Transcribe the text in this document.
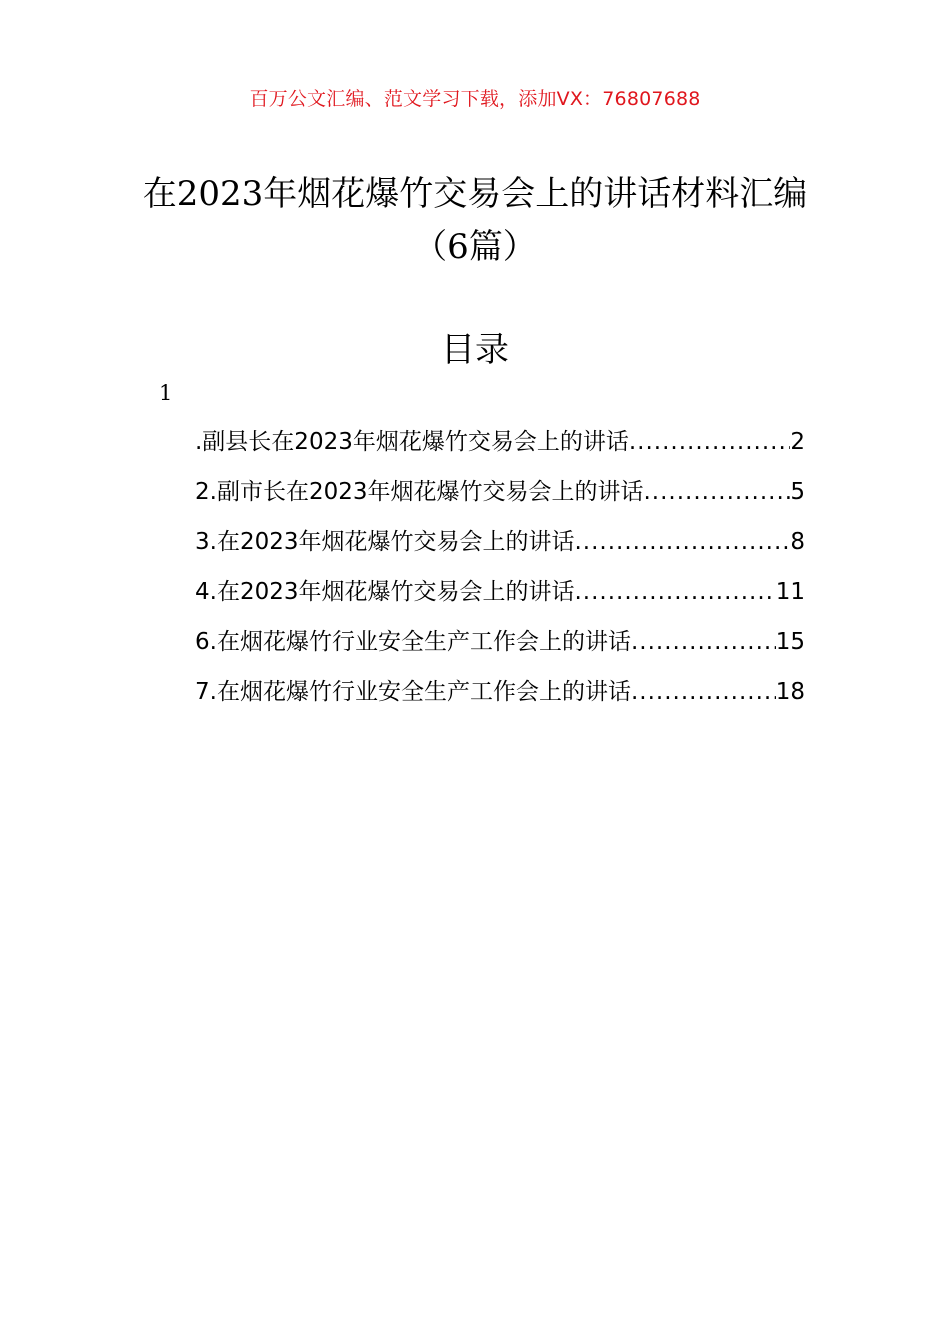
百万公文汇编、范文学习下载，添加VX：76807688
在2023年烟花爆竹交易会上的讲话材料汇编（6篇）
目录
1
.副县长在2023年烟花爆竹交易会上的讲话 .....	2
2.副市长在2023年烟花爆竹交易会上的讲话 .....	5
3.在2023年烟花爆竹交易会上的讲话 .....	8
4.在2023年烟花爆竹交易会上的讲话 .....	11
6.在烟花爆竹行业安全生产工作会上的讲话 .....	15
7.在烟花爆竹行业安全生产工作会上的讲话 .....	18
